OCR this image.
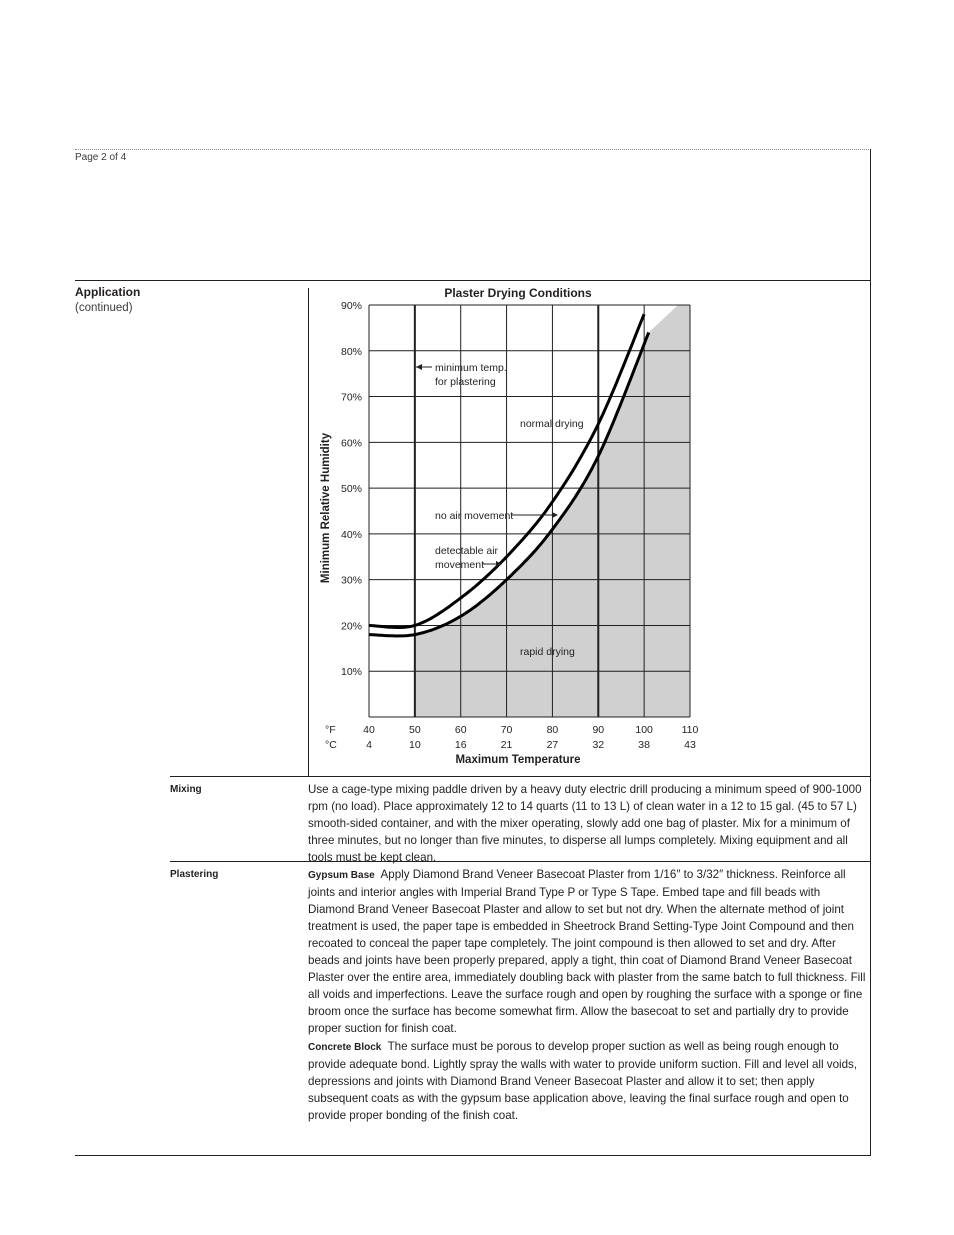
Page 2 of 4
Application
(continued)
Plaster Drying Conditions
10%
20%
30%
40%
50%
60%
70%
80%
90%
40
4
50
10
60
16
70
21
80
27
90
32
100
38
110
43
°F
°C
Maximum Temperature
Minimum Relative Humidity
minimum temp.
for plastering
normal drying
no air movement
detectable air
movement
rapid drying
Mixing	Use a cage-type mixing paddle driven by a heavy duty electric drill producing a minimum speed of 900-1000 rpm (no load). Place approximately 12 to 14 quarts (11 to 13 L) of clean water in a 12 to 15 gal. (45 to 57 L) smooth-sided container, and with the mixer operating, slowly add one bag of plaster. Mix for a minimum of three minutes, but no longer than five minutes, to disperse all lumps completely. Mixing equipment and all tools must be kept clean.
Plastering	Gypsum Base Apply Diamond Brand Veneer Basecoat Plaster from 1/16″ to 3/32″ thickness. Reinforce all joints and interior angles with Imperial Brand Type P or Type S Tape. Embed tape and fill beads with Diamond Brand Veneer Basecoat Plaster and allow to set but not dry. When the alternate method of joint treatment is used, the paper tape is embedded in Sheetrock Brand Setting-Type Joint Compound and then recoated to conceal the paper tape completely. The joint compound is then allowed to set and dry. After beads and joints have been properly prepared, apply a tight, thin coat of Diamond Brand Veneer Basecoat Plaster over the entire area, immediately doubling back with plaster from the same batch to full thickness. Fill all voids and imperfections. Leave the surface rough and open by roughing the surface with a sponge or fine broom once the surface has become somewhat firm. Allow the basecoat to set and partially dry to provide proper suction for finish coat.
Concrete Block The surface must be porous to develop proper suction as well as being rough enough to provide adequate bond. Lightly spray the walls with water to provide uniform suction. Fill and level all voids, depressions and joints with Diamond Brand Veneer Basecoat Plaster and allow it to set; then apply subsequent coats as with the gypsum base application above, leaving the final surface rough and open to provide proper bonding of the finish coat.
